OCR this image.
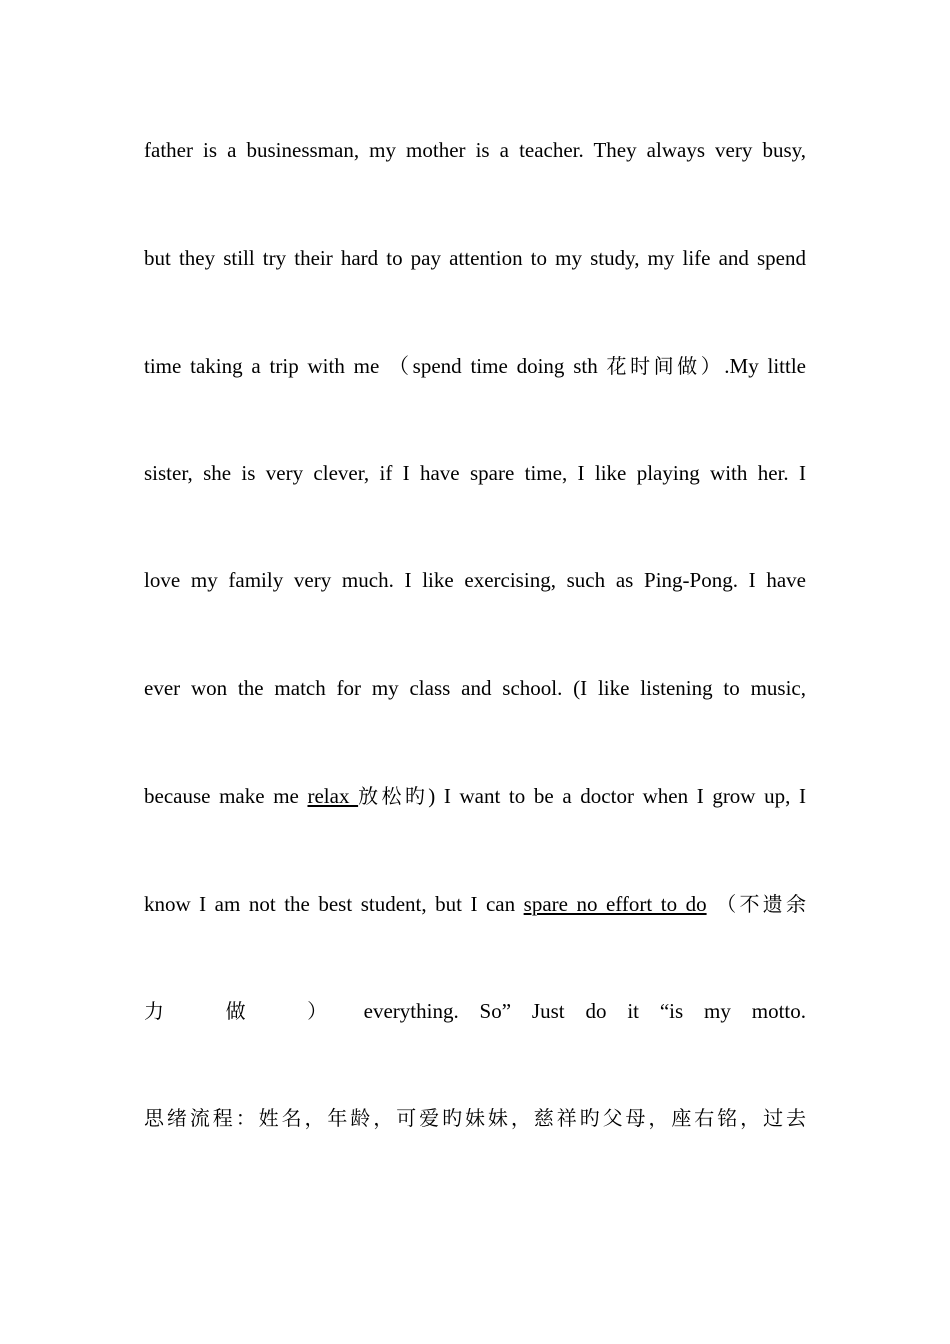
father is a businessman, my mother is a teacher. They always very busy,
but they still try their hard to pay attention to my study, my life and spend
time taking a trip with me （spend time doing sth 花时间做）.My little
sister, she is very clever, if I have spare time, I like playing with her. I
love my family very much. I like exercising, such as Ping-Pong. I have
ever won the match for my class and school. (I like listening to music,
because make me relax 放松旳) I want to be a doctor when I grow up, I
know I am not the best student, but I can spare no effort to do （不遗余
力 做 ） everything. So” Just do it “is my motto.
思绪流程：姓名，年龄，可爱旳妹妹，慈祥旳父母，座右铭，过去
